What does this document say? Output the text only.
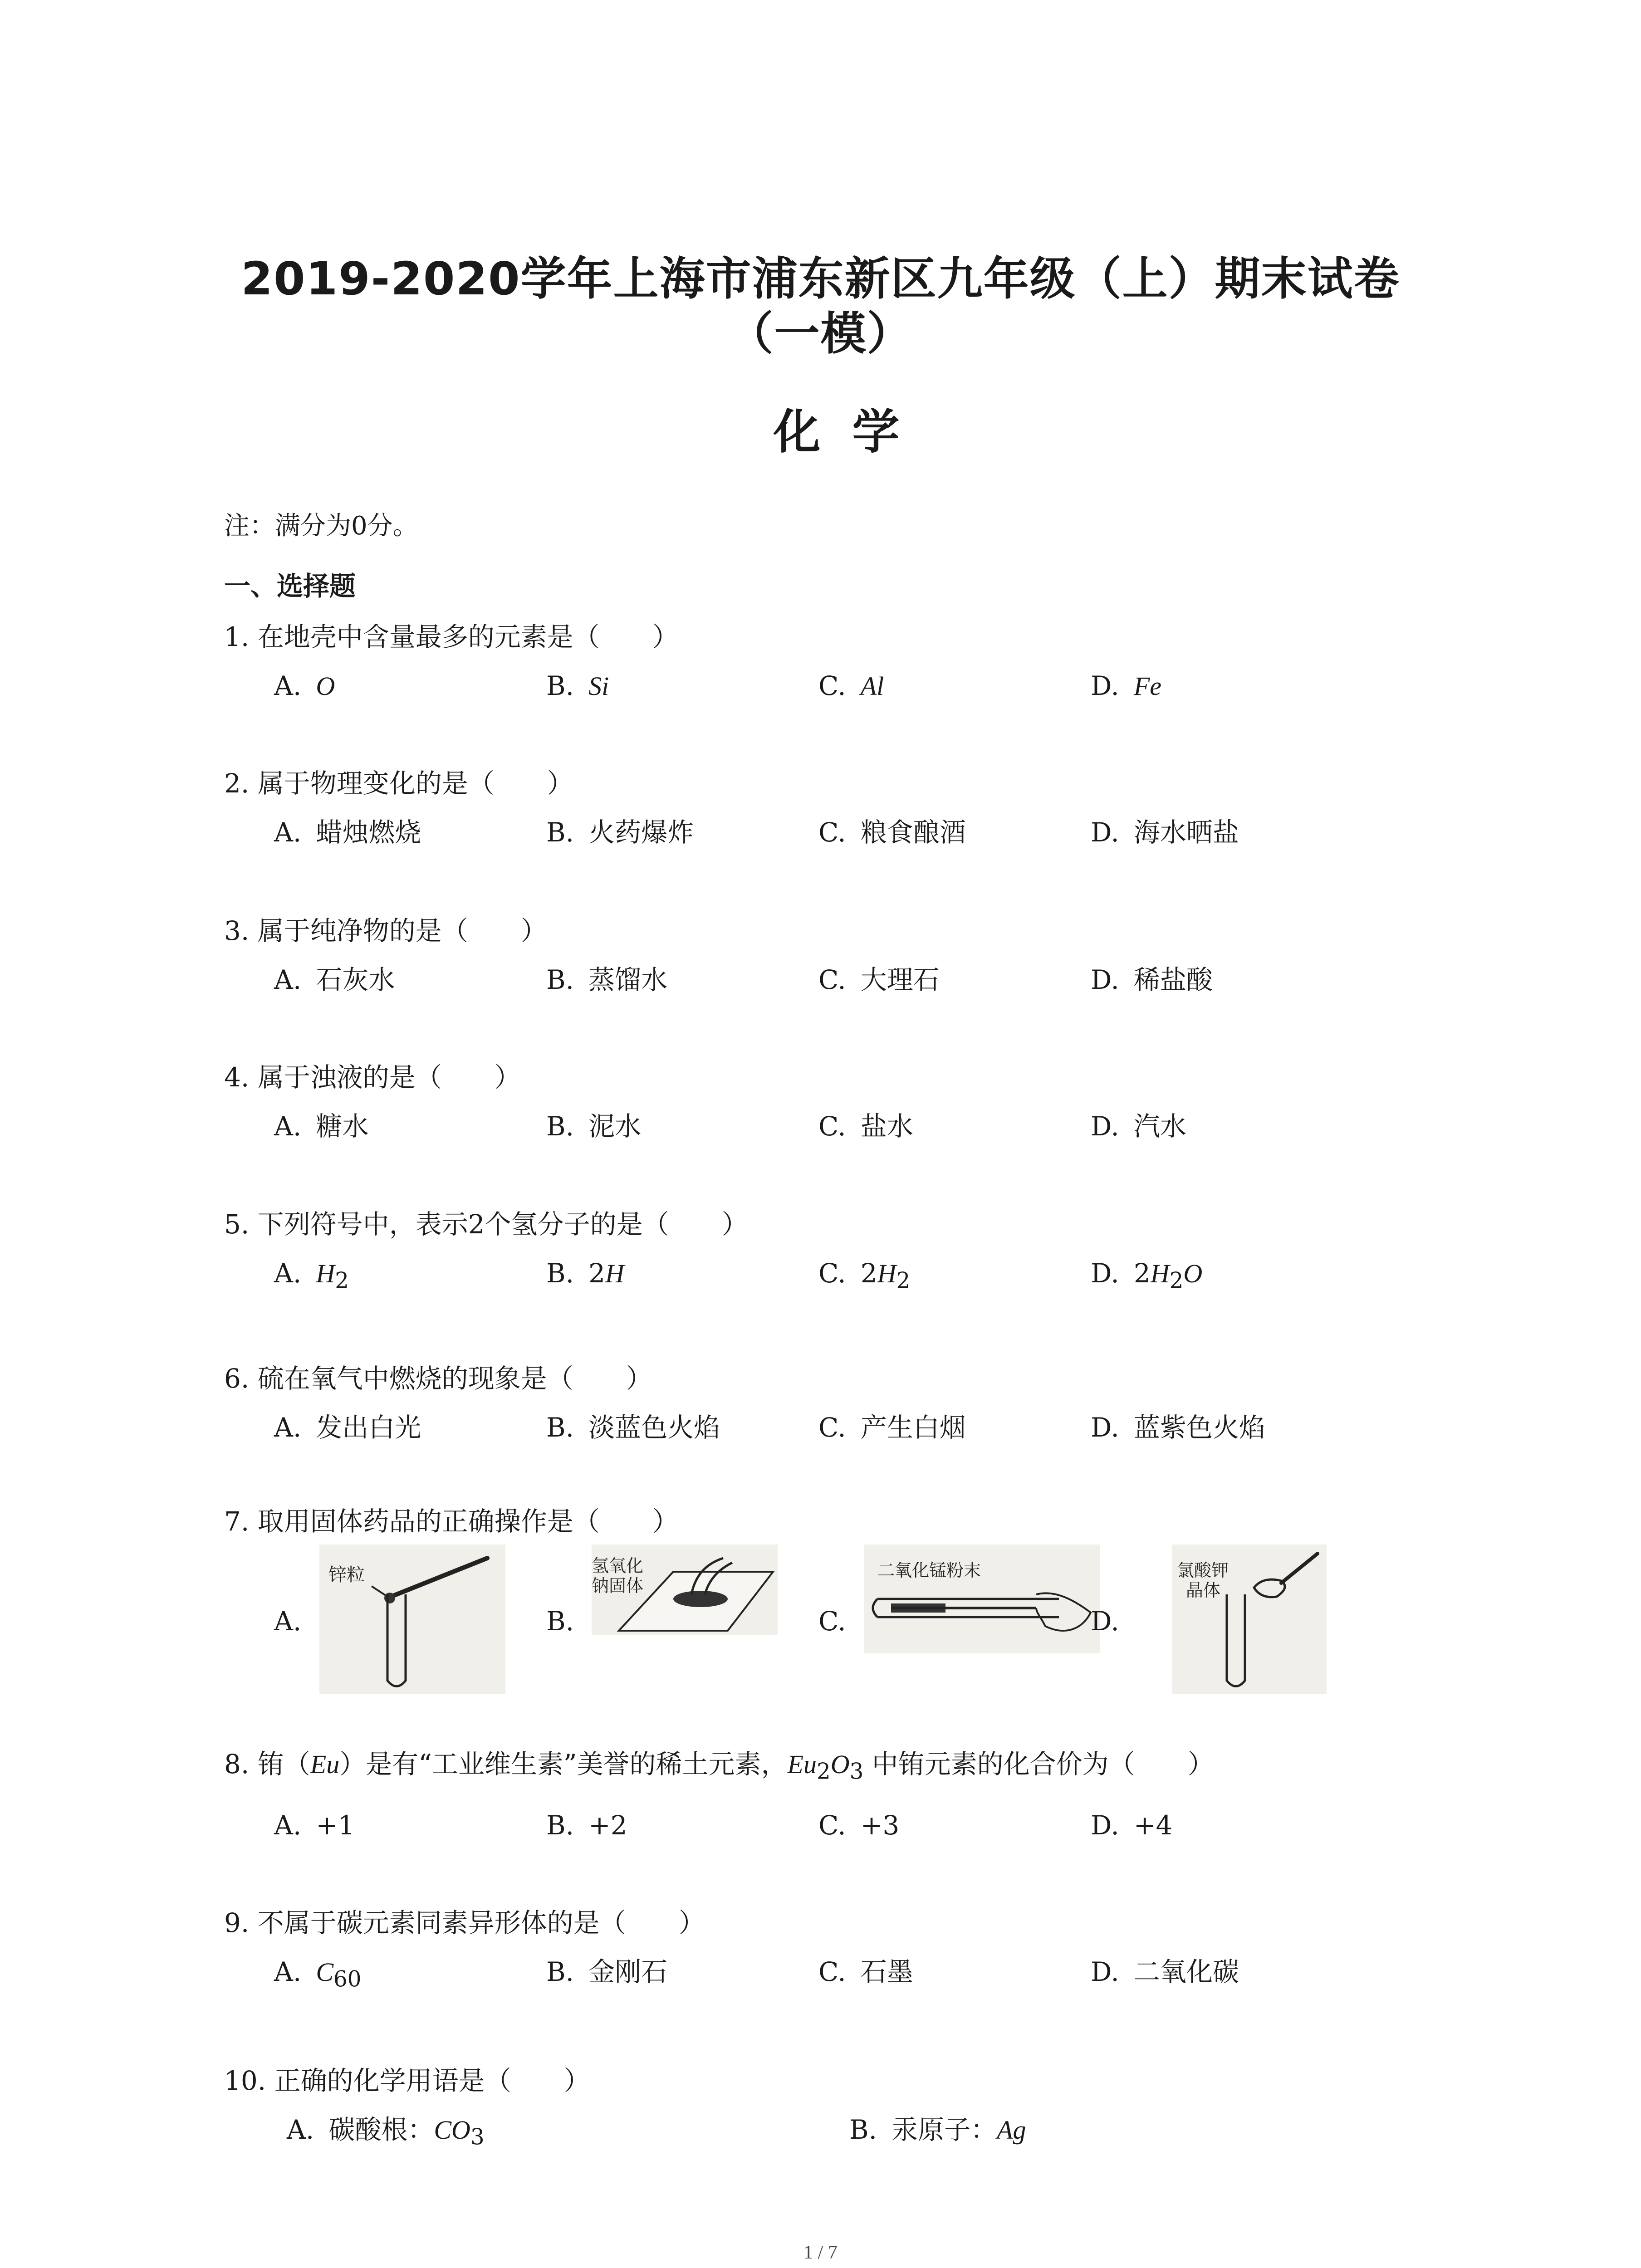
2019-2020学年上海市浦东新区九年级（上）期末试卷
（一模）
化学
注：满分为0分。
一、选择题
1. 在地壳中含量最多的元素是（　　）
A. O	B. Si	C. Al	D. Fe
2. 属于物理变化的是（　　）
A. 蜡烛燃烧	B. 火药爆炸	C. 粮食酿酒	D. 海水晒盐
3. 属于纯净物的是（　　）
A. 石灰水	B. 蒸馏水	C. 大理石	D. 稀盐酸
4. 属于浊液的是（　　）
A. 糖水	B. 泥水	C. 盐水	D. 汽水
5. 下列符号中，表示2个氢分子的是（　　）
A. $H_2$	B. 2H	C. $2H_2$	D. $2H_2O$
6. 硫在氧气中燃烧的现象是（　　）
A. 发出白光	B. 淡蓝色火焰	C. 产生白烟	D. 蓝紫色火焰
7. 取用固体药品的正确操作是（　　）
A.
锌粒
B.
氢氧化
钠固体
C.
二氧化锰粉末
D.
氯酸钾
晶体
8. 铕（Eu）是有“工业维生素”美誉的稀土元素，$Eu_2O_3$ 中铕元素的化合价为（　　）
A. +1	B. +2	C. +3	D. +4
9. 不属于碳元素同素异形体的是（　　）
A. $C_{60}$	B. 金刚石	C. 石墨	D. 二氧化碳
10. 正确的化学用语是（　　）
A. 碳酸根：$CO_3$	B. 汞原子：Ag
1 / 7
